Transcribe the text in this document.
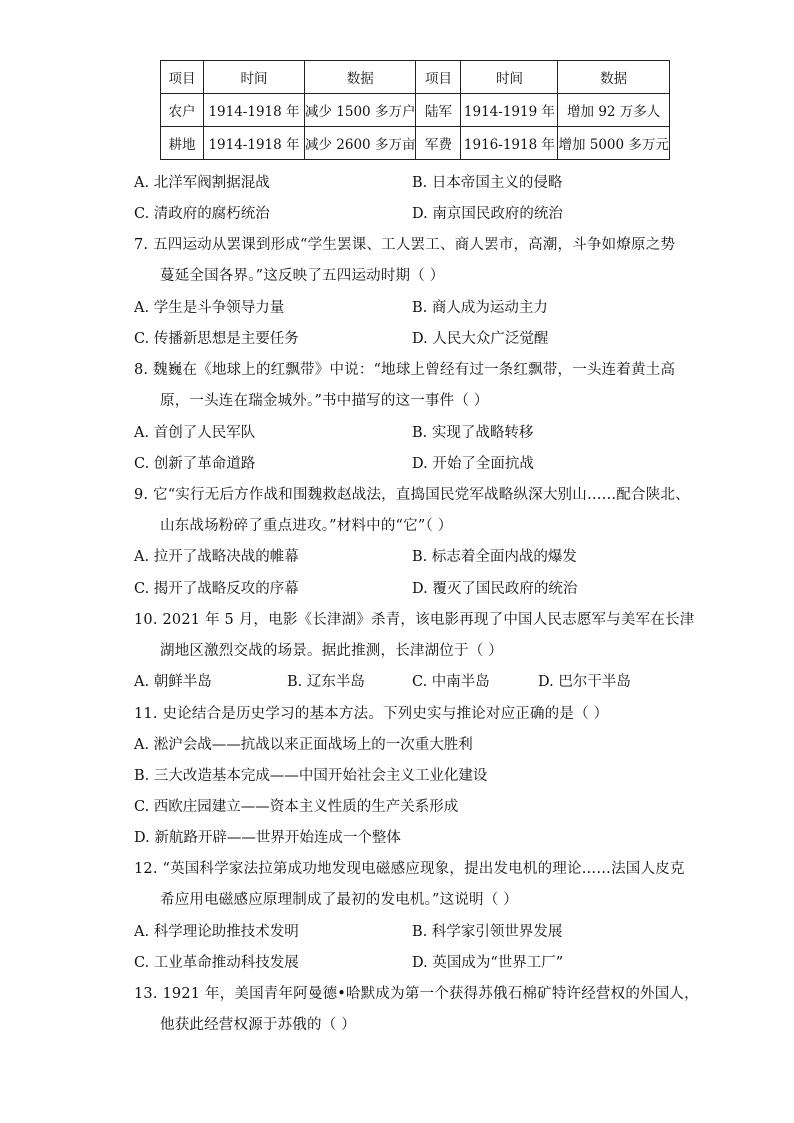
项目	时间	数据	项目	时间	数据
农户	1914-1918 年	减少 1500 多万户	陆军	1914-1919 年	增加 92 万多人
耕地	1914-1918 年	减少 2600 多万亩	军费	1916-1918 年	增加 5000 多万元
A. 北洋军阀割据混战	B. 日本帝国主义的侵略
C. 清政府的腐朽统治	D. 南京国民政府的统治
7. 五四运动从罢课到形成“学生罢课、工人罢工、商人罢市，高潮，斗争如燎原之势
蔓延全国各界。”这反映了五四运动时期（ ）
A. 学生是斗争领导力量	B. 商人成为运动主力
C. 传播新思想是主要任务	D. 人民大众广泛觉醒
8. 魏巍在《地球上的红飘带》中说：“地球上曾经有过一条红飘带，一头连着黄土高
原，一头连在瑞金城外。”书中描写的这一事件（ ）
A. 首创了人民军队	B. 实现了战略转移
C. 创新了革命道路	D. 开始了全面抗战
9. 它“实行无后方作战和围魏救赵战法，直捣国民党军战略纵深大别山……配合陕北、
山东战场粉碎了重点进攻。”材料中的“它”（ ）
A. 拉开了战略决战的帷幕	B. 标志着全面内战的爆发
C. 揭开了战略反攻的序幕	D. 覆灭了国民政府的统治
10. 2021 年 5 月，电影《长津湖》杀青，该电影再现了中国人民志愿军与美军在长津
湖地区激烈交战的场景。据此推测，长津湖位于（ ）
A. 朝鲜半岛	B. 辽东半岛	C. 中南半岛	D. 巴尔干半岛
11. 史论结合是历史学习的基本方法。下列史实与推论对应正确的是（ ）
A. 淞沪会战——抗战以来正面战场上的一次重大胜利
B. 三大改造基本完成——中国开始社会主义工业化建设
C. 西欧庄园建立——资本主义性质的生产关系形成
D. 新航路开辟——世界开始连成一个整体
12. “英国科学家法拉第成功地发现电磁感应现象，提出发电机的理论……法国人皮克
希应用电磁感应原理制成了最初的发电机。”这说明（ ）
A. 科学理论助推技术发明	B. 科学家引领世界发展
C. 工业革命推动科技发展	D. 英国成为“世界工厂”
13. 1921 年，美国青年阿曼德•哈默成为第一个获得苏俄石棉矿特许经营权的外国人，
他获此经营权源于苏俄的（ ）
